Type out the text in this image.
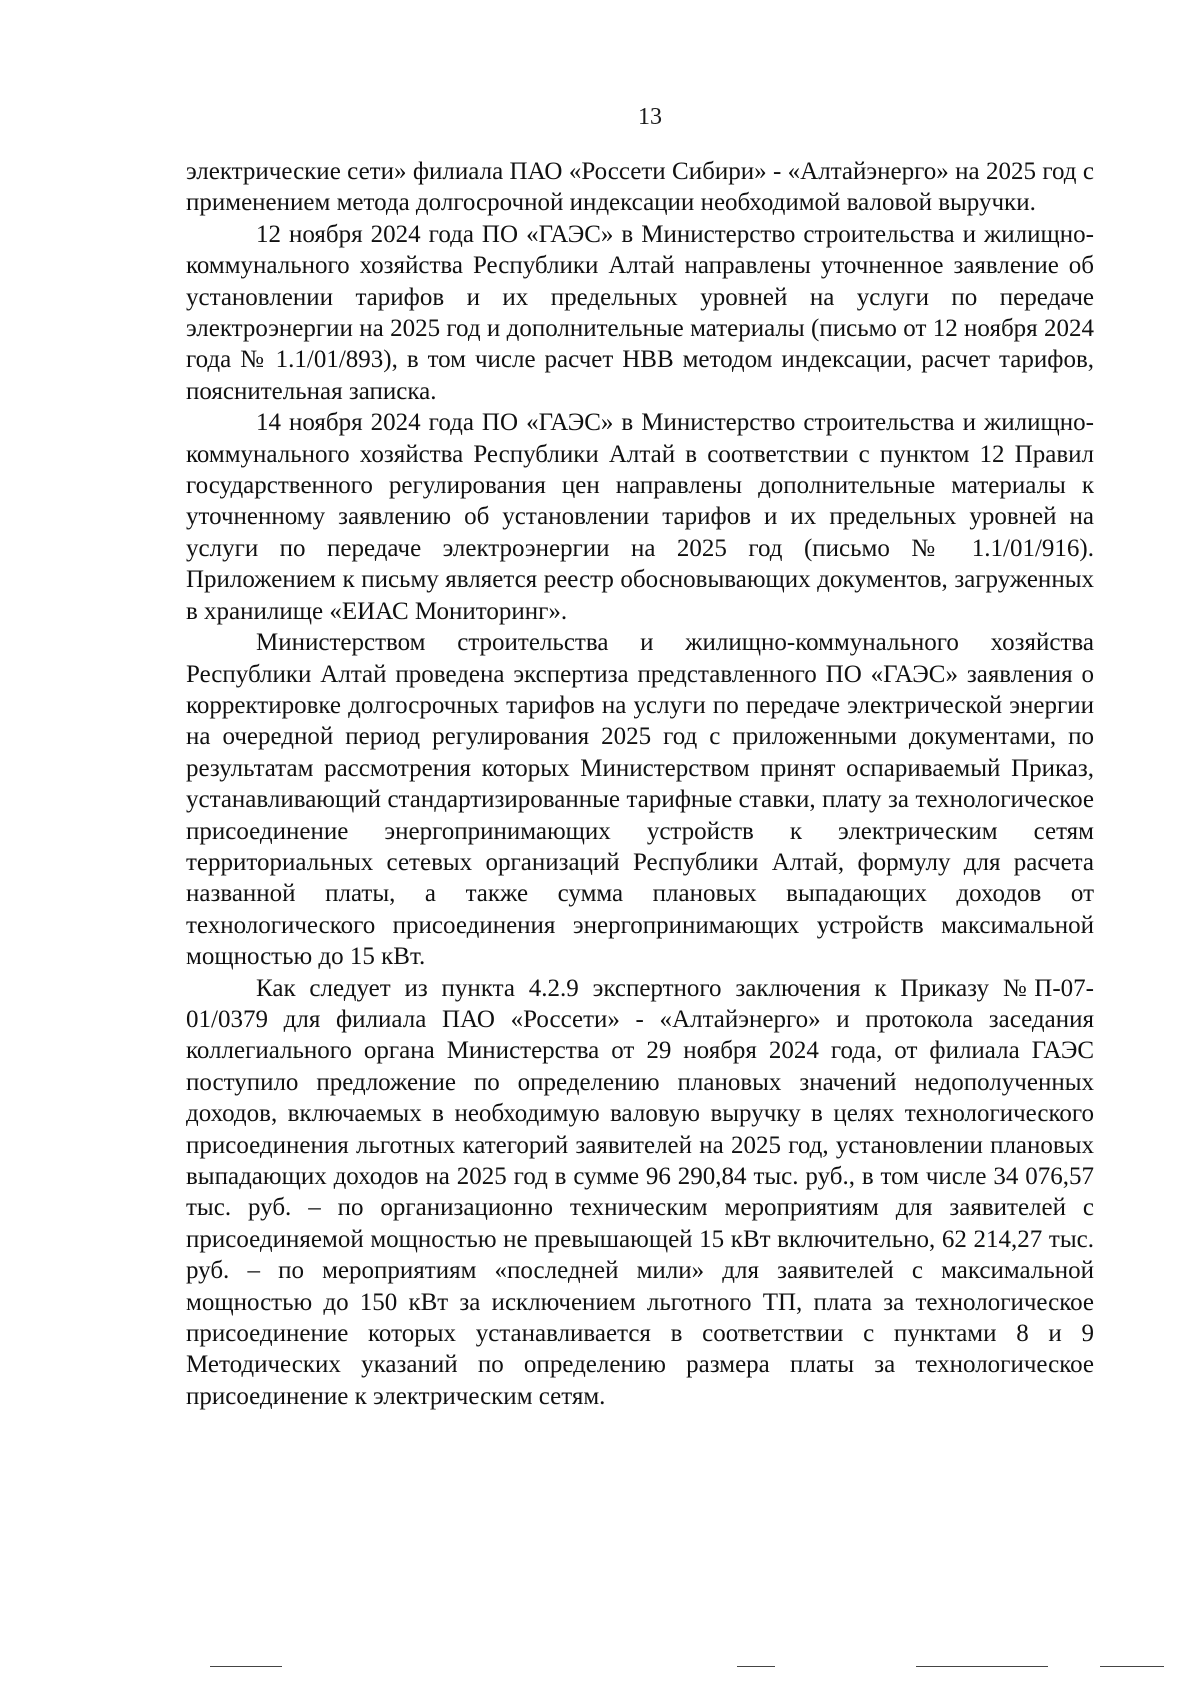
13

электрические сети» филиала ПАО «Россети Сибири» - «Алтайэнерго» на 2025 год с применением метода долгосрочной индексации необходимой валовой выручки.

12 ноября 2024 года ПО «ГАЭС» в Министерство строительства и жилищно-коммунального хозяйства Республики Алтай направлены уточненное заявление об установлении тарифов и их предельных уровней на услуги по передаче электроэнергии на 2025 год и дополнительные материалы (письмо от 12 ноября 2024 года № 1.1/01/893), в том числе расчет НВВ методом индексации, расчет тарифов, пояснительная записка.

14 ноября 2024 года ПО «ГАЭС» в Министерство строительства и жилищно-коммунального хозяйства Республики Алтай в соответствии с пунктом 12 Правил государственного регулирования цен направлены дополнительные материалы к уточненному заявлению об установлении тарифов и их предельных уровней на услуги по передаче электроэнергии на 2025 год (письмо № 1.1/01/916). Приложением к письму является реестр обосновывающих документов, загруженных в хранилище «ЕИАС Мониторинг».

Министерством строительства и жилищно-коммунального хозяйства Республики Алтай проведена экспертиза представленного ПО «ГАЭС» заявления о корректировке долгосрочных тарифов на услуги по передаче электрической энергии на очередной период регулирования 2025 год с приложенными документами, по результатам рассмотрения которых Министерством принят оспариваемый Приказ, устанавливающий стандартизированные тарифные ставки, плату за технологическое присоединение энергопринимающих устройств к электрическим сетям территориальных сетевых организаций Республики Алтай, формулу для расчета названной платы, а также сумма плановых выпадающих доходов от технологического присоединения энергопринимающих устройств максимальной мощностью до 15 кВт.

Как следует из пункта 4.2.9 экспертного заключения к Приказу №П-07-01/0379 для филиала ПАО «Россети» - «Алтайэнерго» и протокола заседания коллегиального органа Министерства от 29 ноября 2024 года, от филиала ГАЭС поступило предложение по определению плановых значений недополученных доходов, включаемых в необходимую валовую выручку в целях технологического присоединения льготных категорий заявителей на 2025 год, установлении плановых выпадающих доходов на 2025 год в сумме 96 290,84 тыс. руб., в том числе 34 076,57 тыс. руб. – по организационно техническим мероприятиям для заявителей с присоединяемой мощностью не превышающей 15 кВт включительно, 62 214,27 тыс. руб. – по мероприятиям «последней мили» для заявителей с максимальной мощностью до 150 кВт за исключением льготного ТП, плата за технологическое присоединение которых устанавливается в соответствии с пунктами 8 и 9 Методических указаний по определению размера платы за технологическое присоединение к электрическим сетям.
